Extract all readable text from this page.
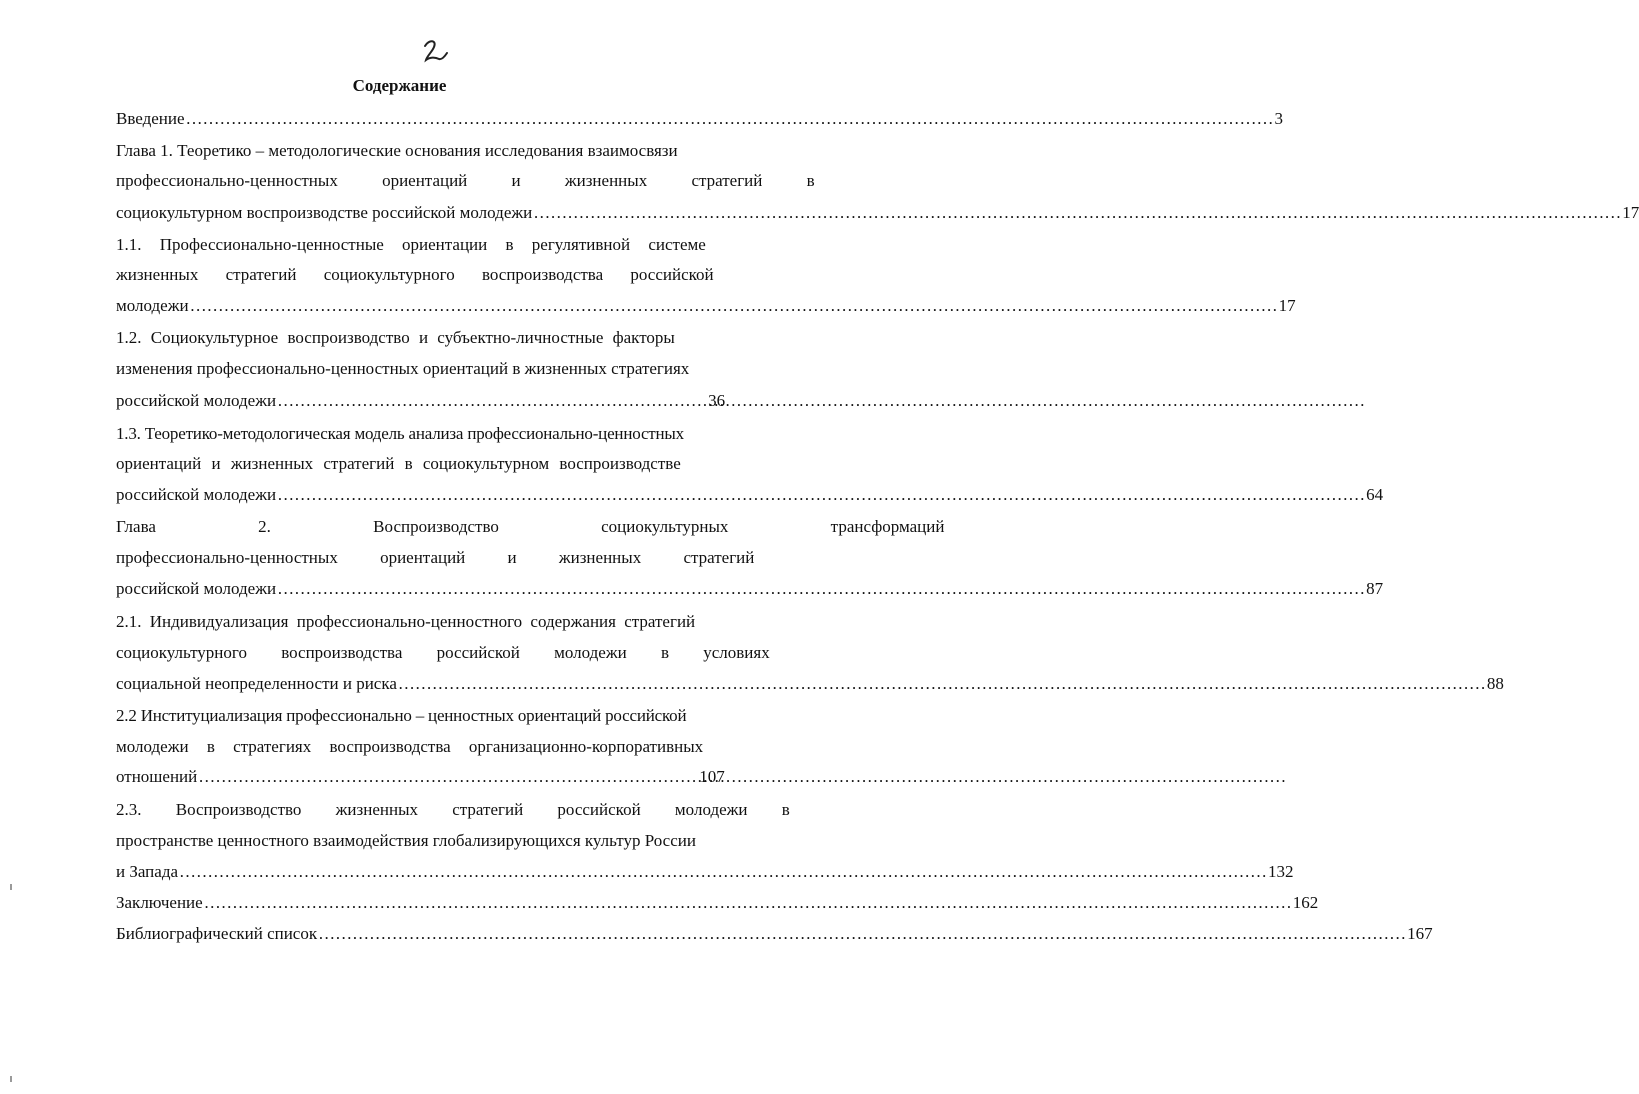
Содержание
Введение …………………………………………………………………………………………………………………………………………………………………………	3
Глава 1. Теоретико – методологические основания исследования взаимосвязи
профессионально-ценностных ориентаций и жизненных стратегий в
социокультурном воспроизводстве российской молодежи …………………………………………………………………………………………………………………………………………………………………………	17
1.1. Профессионально-ценностные ориентации в регулятивной системе
жизненных стратегий социокультурного воспроизводства российской
молодежи …………………………………………………………………………………………………………………………………………………………………………	17
1.2. Социокультурное воспроизводство и субъектно-личностные факторы
изменения профессионально-ценностных ориентаций в жизненных стратегиях
российской молодежи …………………………………………………………………………………………………………………………………………………………………………	36
1.3. Теоретико-методологическая модель анализа профессионально-ценностных
ориентаций и жизненных стратегий в социокультурном воспроизводстве
российской молодежи …………………………………………………………………………………………………………………………………………………………………………	64
Глава 2. Воспроизводство социокультурных трансформаций
профессионально-ценностных ориентаций и жизненных стратегий
российской молодежи …………………………………………………………………………………………………………………………………………………………………………	87
2.1. Индивидуализация профессионально-ценностного содержания стратегий
социокультурного воспроизводства российской молодежи в условиях
социальной неопределенности и риска …………………………………………………………………………………………………………………………………………………………………………	88
2.2 Институциализация профессионально – ценностных ориентаций российской
молодежи в стратегиях воспроизводства организационно-корпоративных
отношений …………………………………………………………………………………………………………………………………………………………………………	107
2.3. Воспроизводство жизненных стратегий российской молодежи в
пространстве ценностного взаимодействия глобализирующихся культур России
и Запада …………………………………………………………………………………………………………………………………………………………………………	132
Заключение …………………………………………………………………………………………………………………………………………………………………………	162
Библиографический список …………………………………………………………………………………………………………………………………………………………………………	167
